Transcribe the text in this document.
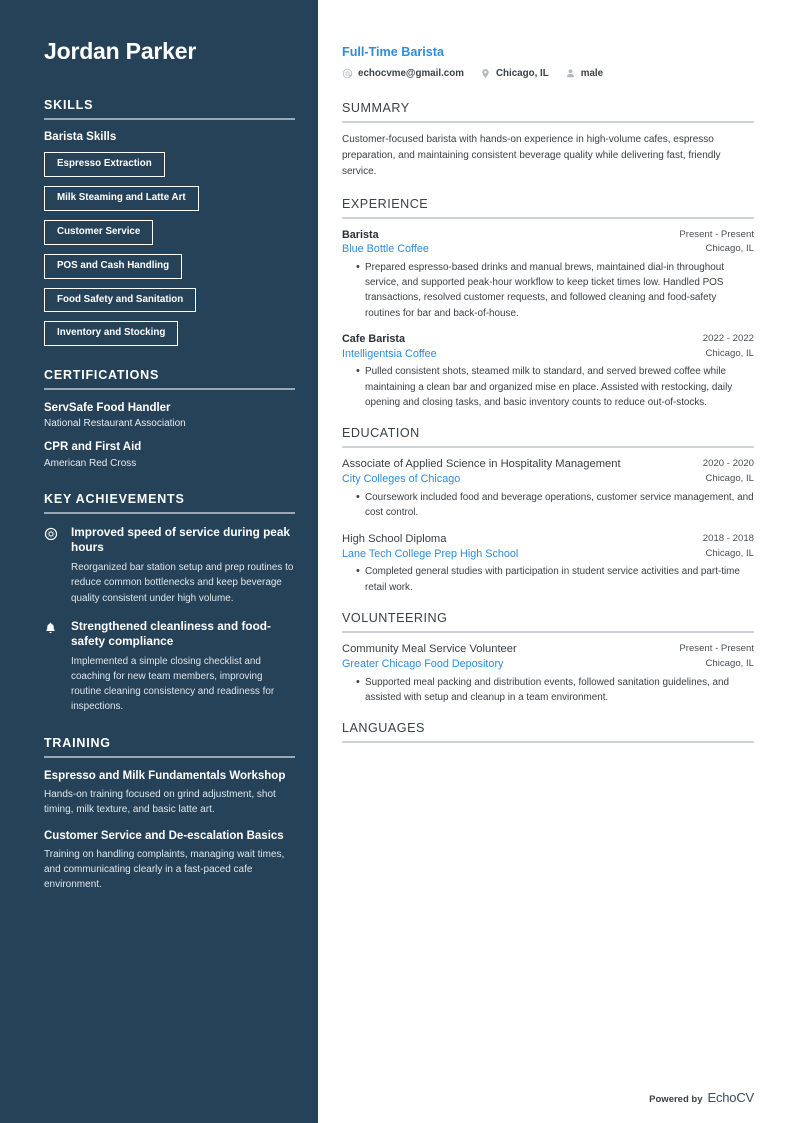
Jordan Parker
SKILLS
Barista Skills
Espresso Extraction
Milk Steaming and Latte Art
Customer Service
POS and Cash Handling
Food Safety and Sanitation
Inventory and Stocking
CERTIFICATIONS
ServSafe Food Handler
National Restaurant Association
CPR and First Aid
American Red Cross
KEY ACHIEVEMENTS
Improved speed of service during peak hours
Reorganized bar station setup and prep routines to reduce common bottlenecks and keep beverage quality consistent under high volume.
Strengthened cleanliness and food-safety compliance
Implemented a simple closing checklist and coaching for new team members, improving routine cleaning consistency and readiness for inspections.
TRAINING
Espresso and Milk Fundamentals Workshop
Hands-on training focused on grind adjustment, shot timing, milk texture, and basic latte art.
Customer Service and De-escalation Basics
Training on handling complaints, managing wait times, and communicating clearly in a fast-paced cafe environment.
Full-Time Barista
echocvme@gmail.com	Chicago, IL	male
SUMMARY

Customer-focused barista with hands-on experience in high-volume cafes, espresso preparation, and maintaining consistent beverage quality while delivering fast, friendly service.

EXPERIENCE
Barista	Present - Present
Blue Bottle Coffee	Chicago, IL
• Prepared espresso-based drinks and manual brews, maintained dial-in throughout service, and supported peak-hour workflow to keep ticket times low. Handled POS transactions, resolved customer requests, and followed cleaning and food-safety routines for bar and back-of-house.
Cafe Barista	2022 - 2022
Intelligentsia Coffee	Chicago, IL
• Pulled consistent shots, steamed milk to standard, and served brewed coffee while maintaining a clean bar and organized mise en place. Assisted with restocking, daily opening and closing tasks, and basic inventory counts to reduce out-of-stocks.
EDUCATION
Associate of Applied Science in Hospitality Management	2020 - 2020
City Colleges of Chicago	Chicago, IL
• Coursework included food and beverage operations, customer service management, and cost control.
High School Diploma	2018 - 2018
Lane Tech College Prep High School	Chicago, IL
• Completed general studies with participation in student service activities and part-time retail work.
VOLUNTEERING
Community Meal Service Volunteer	Present - Present
Greater Chicago Food Depository	Chicago, IL
• Supported meal packing and distribution events, followed sanitation guidelines, and assisted with setup and cleanup in a team environment.
LANGUAGES
Powered by EchoCV
